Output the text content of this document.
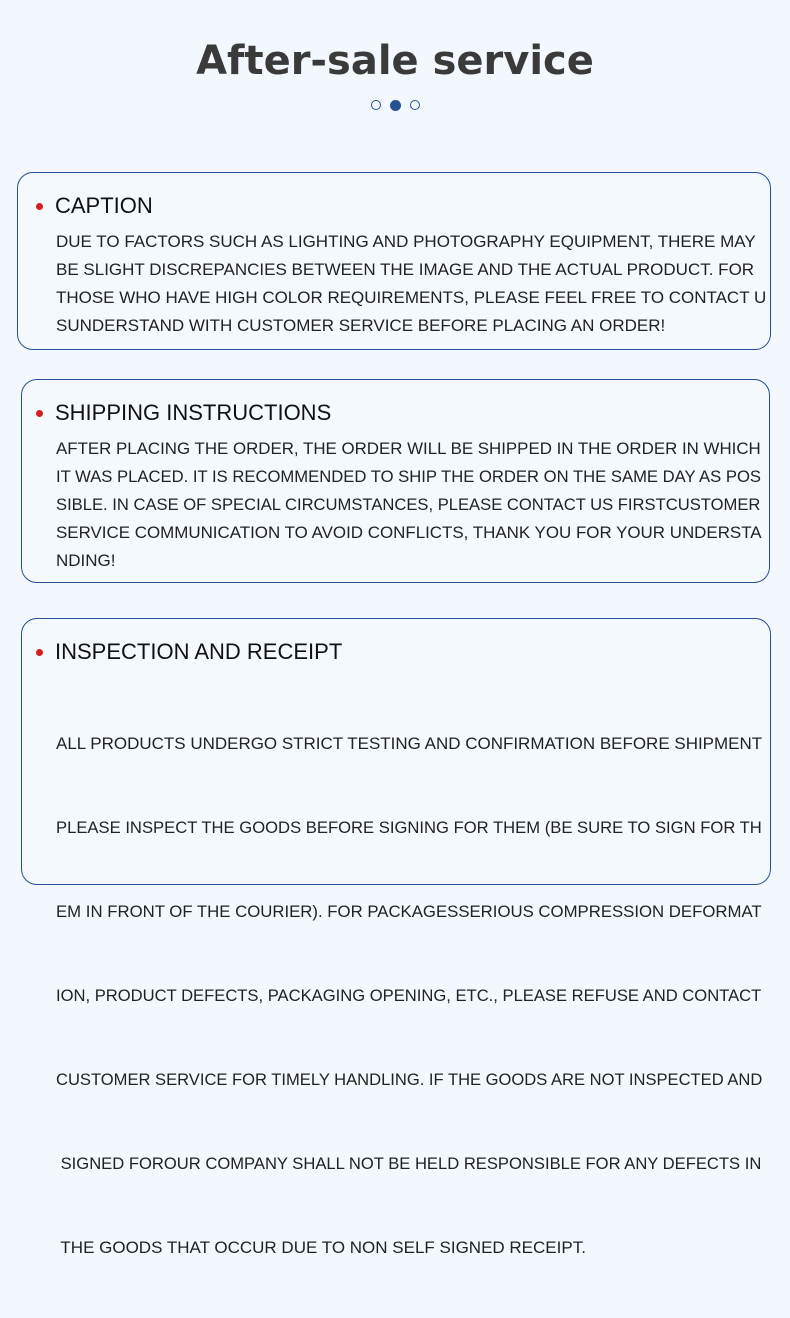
After-sale service
CAPTION

DUE TO FACTORS SUCH AS LIGHTING AND PHOTOGRAPHY EQUIPMENT, THERE MAY
BE SLIGHT DISCREPANCIES BETWEEN THE IMAGE AND THE ACTUAL PRODUCT. FOR
THOSE WHO HAVE HIGH COLOR REQUIREMENTS, PLEASE FEEL FREE TO CONTACT U
SUNDERSTAND WITH CUSTOMER SERVICE BEFORE PLACING AN ORDER!

SHIPPING INSTRUCTIONS

AFTER PLACING THE ORDER, THE ORDER WILL BE SHIPPED IN THE ORDER IN WHICH
IT WAS PLACED. IT IS RECOMMENDED TO SHIP THE ORDER ON THE SAME DAY AS POS
SIBLE. IN CASE OF SPECIAL CIRCUMSTANCES, PLEASE CONTACT US FIRSTCUSTOMER
SERVICE COMMUNICATION TO AVOID CONFLICTS, THANK YOU FOR YOUR UNDERSTA
NDING!

INSPECTION AND RECEIPT

ALL PRODUCTS UNDERGO STRICT TESTING AND CONFIRMATION BEFORE SHIPMENT

PLEASE INSPECT THE GOODS BEFORE SIGNING FOR THEM (BE SURE TO SIGN FOR TH

EM IN FRONT OF THE COURIER). FOR PACKAGESSERIOUS COMPRESSION DEFORMAT

ION, PRODUCT DEFECTS, PACKAGING OPENING, ETC., PLEASE REFUSE AND CONTACT

CUSTOMER SERVICE FOR TIMELY HANDLING. IF THE GOODS ARE NOT INSPECTED AND

SIGNED FOROUR COMPANY SHALL NOT BE HELD RESPONSIBLE FOR ANY DEFECTS IN

THE GOODS THAT OCCUR DUE TO NON SELF SIGNED RECEIPT.
